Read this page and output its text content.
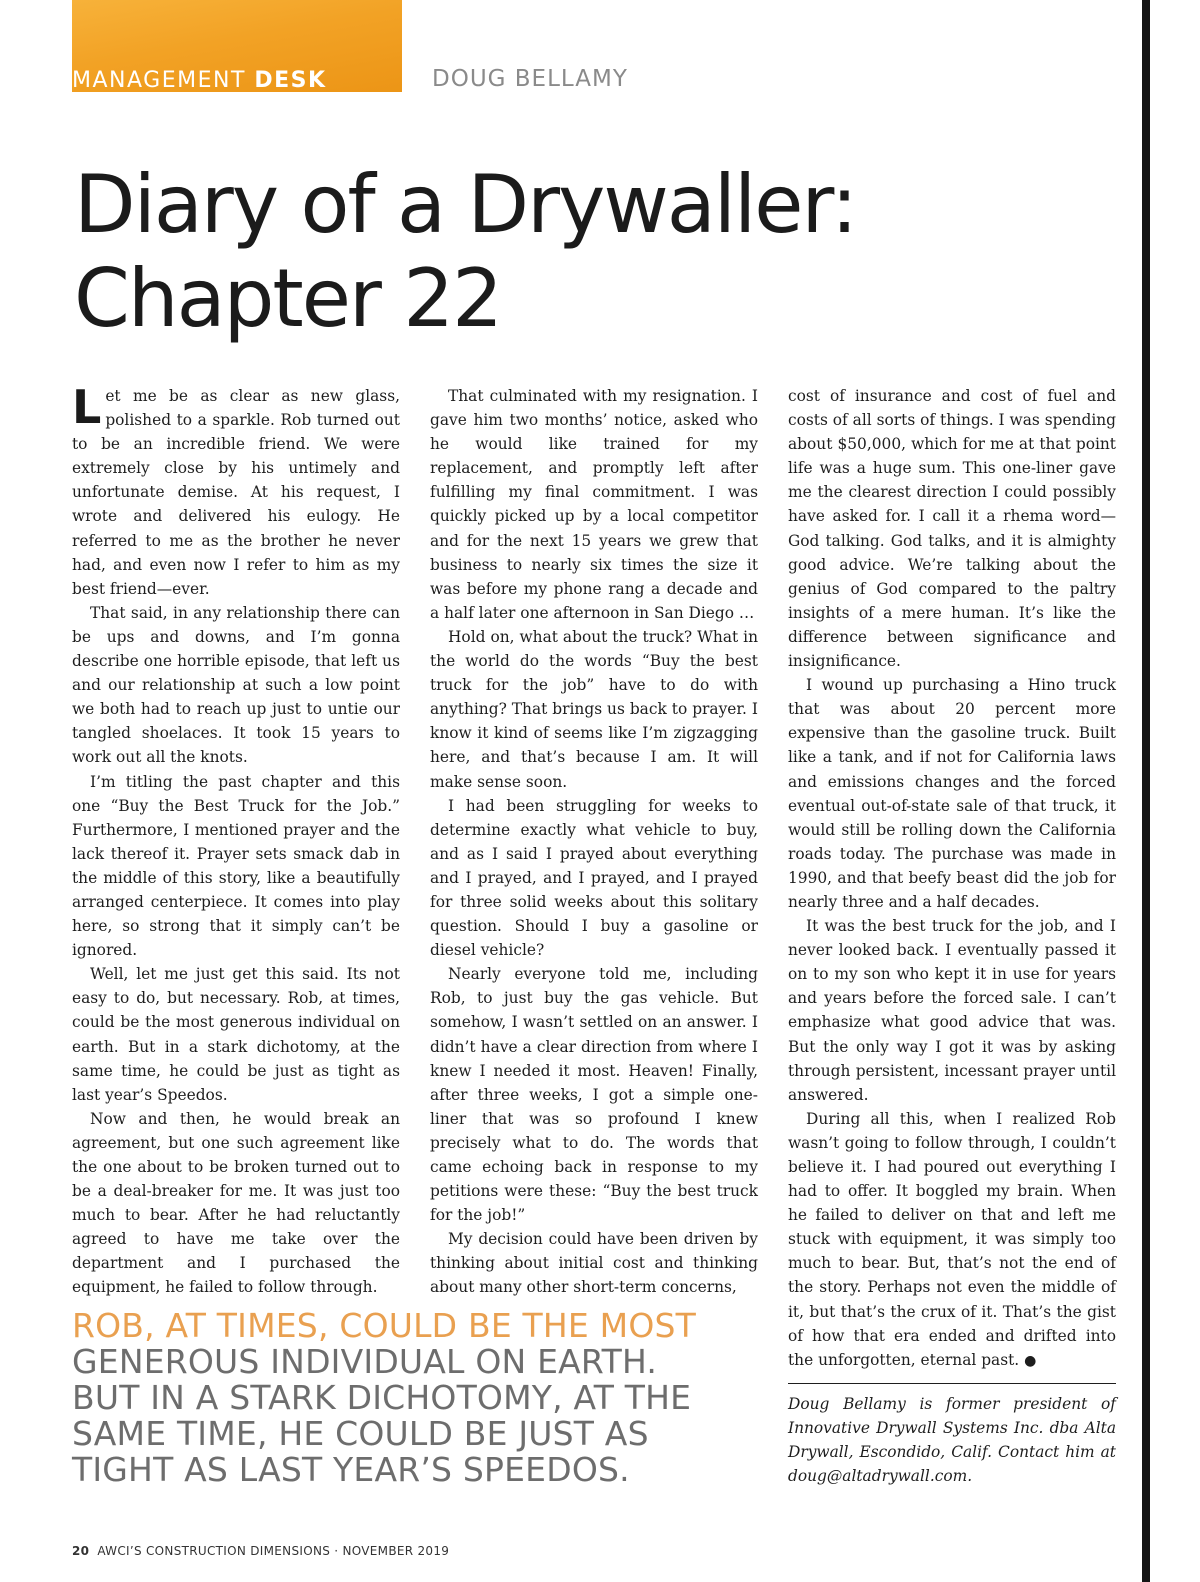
MANAGEMENT DESK	DOUG BELLAMY
Diary of a Drywaller:
Chapter 22

Let me be as clear as new glass, polished to a sparkle. Rob turned out to be an incredible friend. We were extremely close by his untimely and unfortunate demise. At his request, I wrote and delivered his eulogy. He referred to me as the brother he never had, and even now I refer to him as my best friend—ever.

That said, in any relationship there can be ups and downs, and I’m gonna describe one horrible episode, that left us and our relationship at such a low point we both had to reach up just to untie our tangled shoelaces. It took 15 years to work out all the knots.

I’m titling the past chapter and this one “Buy the Best Truck for the Job.” Furthermore, I mentioned prayer and the lack thereof it. Prayer sets smack dab in the middle of this story, like a beautifully arranged centerpiece. It comes into play here, so strong that it simply can’t be ignored.

Well, let me just get this said. Its not easy to do, but necessary. Rob, at times, could be the most generous individual on earth. But in a stark dichotomy, at the same time, he could be just as tight as last year’s Speedos.

Now and then, he would break an agreement, but one such agreement like the one about to be broken turned out to be a deal-breaker for me. It was just too much to bear. After he had reluctantly agreed to have me take over the department and I purchased the equipment, he failed to follow through.

That culminated with my resignation. I gave him two months’ notice, asked who he would like trained for my replacement, and promptly left after fulfilling my final commitment. I was quickly picked up by a local competitor and for the next 15 years we grew that business to nearly six times the size it was before my phone rang a decade and a half later one afternoon in San Diego …

Hold on, what about the truck? What in the world do the words “Buy the best truck for the job” have to do with anything? That brings us back to prayer. I know it kind of seems like I’m zigzagging here, and that’s because I am. It will make sense soon.

I had been struggling for weeks to determine exactly what vehicle to buy, and as I said I prayed about everything and I prayed, and I prayed, and I prayed for three solid weeks about this solitary question. Should I buy a gasoline or diesel vehicle?

Nearly everyone told me, including Rob, to just buy the gas vehicle. But somehow, I wasn’t settled on an answer. I didn’t have a clear direction from where I knew I needed it most. Heaven! Finally, after three weeks, I got a simple one-liner that was so profound I knew precisely what to do. The words that came echoing back in response to my petitions were these: “Buy the best truck for the job!”

My decision could have been driven by thinking about initial cost and thinking about many other short-term concerns,

cost of insurance and cost of fuel and costs of all sorts of things. I was spending about $50,000, which for me at that point life was a huge sum. This one-liner gave me the clearest direction I could possibly have asked for. I call it a rhema word—God talking. God talks, and it is almighty good advice. We’re talking about the genius of God compared to the paltry insights of a mere human. It’s like the difference between significance and insignificance.

I wound up purchasing a Hino truck that was about 20 percent more expensive than the gasoline truck. Built like a tank, and if not for California laws and emissions changes and the forced eventual out-of-state sale of that truck, it would still be rolling down the California roads today. The purchase was made in 1990, and that beefy beast did the job for nearly three and a half decades.

It was the best truck for the job, and I never looked back. I eventually passed it on to my son who kept it in use for years and years before the forced sale. I can’t emphasize what good advice that was. But the only way I got it was by asking through persistent, incessant prayer until answered.

During all this, when I realized Rob wasn’t going to follow through, I couldn’t believe it. I had poured out everything I had to offer. It boggled my brain. When he failed to deliver on that and left me stuck with equipment, it was simply too much to bear. But, that’s not the end of the story. Perhaps not even the middle of it, but that’s the crux of it. That’s the gist of how that era ended and drifted into the unforgotten, eternal past. ●

ROB, AT TIMES, COULD BE THE MOST GENEROUS INDIVIDUAL ON EARTH. BUT IN A STARK DICHOTOMY, AT THE SAME TIME, HE COULD BE JUST AS TIGHT AS LAST YEAR’S SPEEDOS.

Doug Bellamy is former president of Innovative Drywall Systems Inc. dba Alta Drywall, Escondido, Calif. Contact him at doug@altadrywall.com.

20 AWCI’S CONSTRUCTION DIMENSIONS · NOVEMBER 2019
